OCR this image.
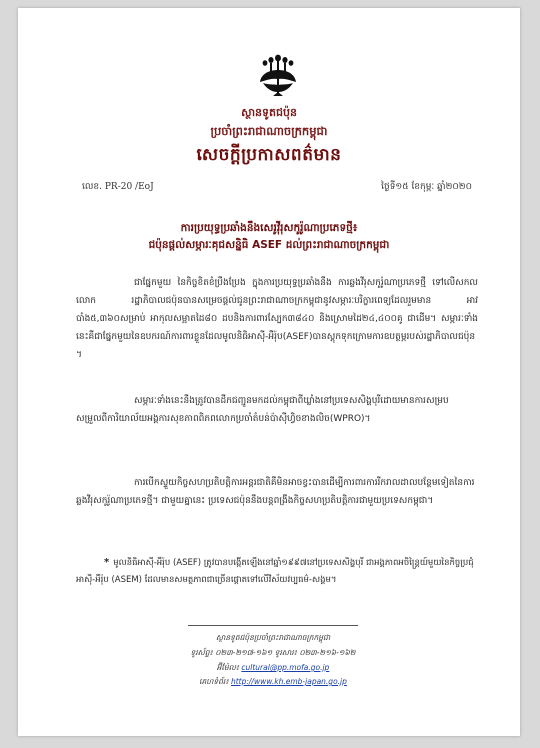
ស្ថានទូតជប៉ុន
ប្រចាំព្រះរាជាណាចក្រកម្ពុជា
សេចក្តីប្រកាសពត៌មាន
លេខ. PR-20 /EoJ	ថ្ងៃទី១៥ ខែកុម្ភៈ ឆ្នាំ២០២០
ការប្រយុទ្ធប្រឆាំងនឹងសេរូវ៉ីរុសកូរ៉ូណាប្រភេទថ្មី៖
ជប៉ុនផ្ដល់សម្ភារៈគុជសន្និធិ ASEF ដល់ព្រះរាជាណាចក្រកម្ពុជា
ជាផ្នែកមួយ នៃកិច្ចខិតខំប្រឹងប្រែង ក្នុងការប្រយុទ្ធប្រឆាំងនឹង ការឆ្លងវីរុសកូរ៉ូណាប្រភេទថ្មី ទៅលើសកលលោក រដ្ឋាភិបាលជប៉ុនបានសម្រេចផ្តល់ជូនព្រះរាជាណាចក្រកម្ពុជានូវសម្ភារៈបរិក្ខារពេទ្យដែលរួមមាន អាវបាំង៥,៣៦០សម្រាប់ អាកុលសម្អាតដៃ៨០ ដបនិងការពារស្បែក៣៨៤០ និងស្រោមដៃ២៤,៤០០គូ ជាដើម។ សម្ភារៈទាំងនេះគឺជាផ្នែកមួយនៃឧបករណ៍ការពារខ្លួនដែលមូលនិធិអាស៊ី-អឺរ៉ុប(ASEF)បានស្តុកទុកក្រោមការឧបត្ថម្ភរបស់រដ្ឋាភិបាលជប៉ុន ។
សម្ភារៈទាំងនេះនឹងត្រូវបានដឹកជញ្ជូនមកដល់កម្ពុជាពីឃ្លាំងនៅប្រទេសសិង្ហបុរីដោយមានការសម្របសម្រួលពីការិយាល័យអង្គការសុខភាពពិភពលោកប្រចាំតំបន់ប៉ាស៊ីហ្វិចខាងលិច(WPRO)។
ការបើកស្ទួយកិច្ចសហប្រតិបត្តិការអន្តរជាតិគឺមិនអាចខ្វះបានដើម្បីការពារការរីករាលដាលបន្ថែមទៀតនៃការឆ្លងវីរុសកូរ៉ូណាប្រភេទថ្មី។ ជាមួយគ្នានេះ ប្រទេសជប៉ុននឹងបន្តពង្រឹងកិច្ចសហប្រតិបត្តិការជាមួយប្រទេសកម្ពុជា។
* មូលនិធិអាស៊ី-អឺរ៉ុប (ASEF) ត្រូវបានបង្កើតឡើងនៅឆ្នាំ១៩៩៧នៅប្រទេសសិង្ហបុរី ជាអង្គភាពអចិន្ត្រៃយ៍មួយនៃកិច្ចប្រជុំអាស៊ី-អឺរ៉ុប (ASEM) ដែលមានសមត្ថភាពជាច្រើនផ្តោតទៅលើវិស័យវប្បធម៌-សង្គម។
ស្ថានទូតជប៉ុនប្រចាំព្រះរាជាណាចក្រកម្ពុជា
ទូរស័ព្ទ៖ ០២៣-២១៧-១៦១ ទូរសារ៖ ០២៣-២១៦-១៦២
អ៊ីម៉ែល៖ cultural@pp.mofa.go.jp
គេហទំព័រ៖ http://www.kh.emb-japan.go.jp
